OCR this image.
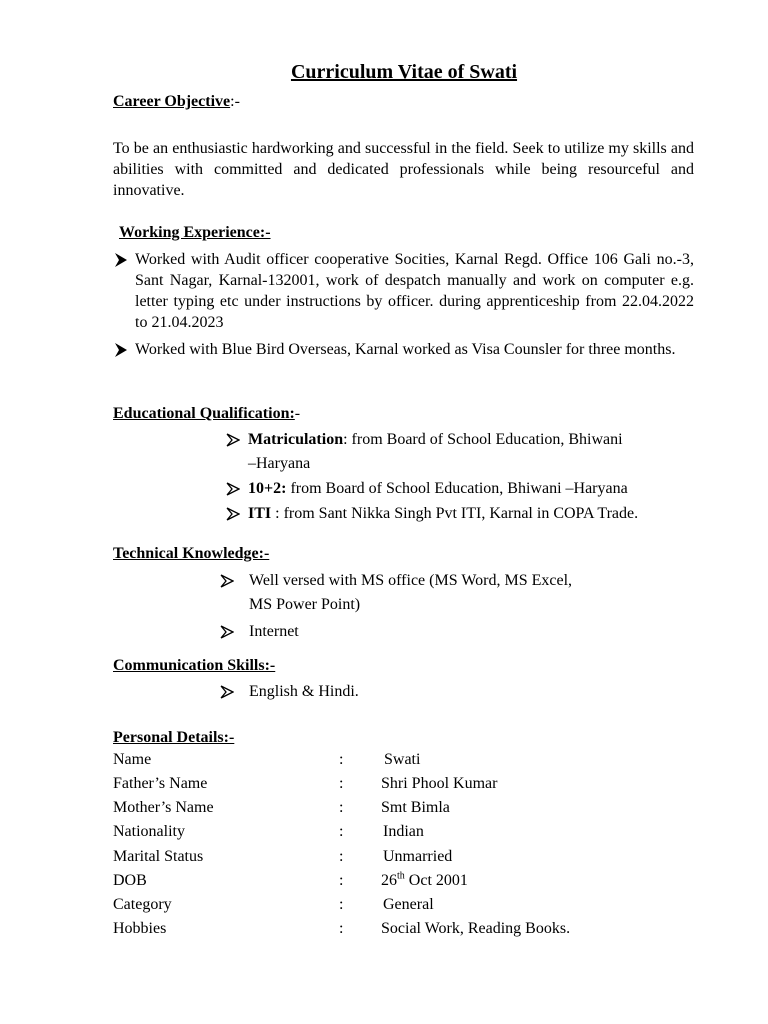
Curriculum Vitae of Swati
Career Objective:-
To be an enthusiastic hardworking and successful in the field. Seek to utilize my skills and abilities with committed and dedicated professionals while being resourceful and innovative.
Working Experience:-
Worked with Audit officer cooperative Socities, Karnal Regd. Office 106 Gali no.-3, Sant Nagar, Karnal-132001, work of despatch manually and work on computer e.g. letter typing etc under instructions by officer. during apprenticeship from 22.04.2022 to 21.04.2023
Worked with Blue Bird Overseas, Karnal worked as Visa Counsler for three months.
Educational Qualification:-
Matriculation: from Board of School Education, Bhiwani
–Haryana
10+2: from Board of School Education, Bhiwani –Haryana
ITI : from Sant Nikka Singh Pvt ITI, Karnal in COPA Trade.
Technical Knowledge:-
Well versed with MS office (MS Word, MS Excel,
MS Power Point)
Internet
Communication Skills:-
English & Hindi.
Personal Details:-
Name	:	Swati
Father’s Name	: Shri Phool Kumar
Mother’s Name	: Smt Bimla
Nationality	: Indian
Marital Status	: Unmarried
DOB	: 26th Oct 2001
Category	: General
Hobbies	: Social Work, Reading Books.
